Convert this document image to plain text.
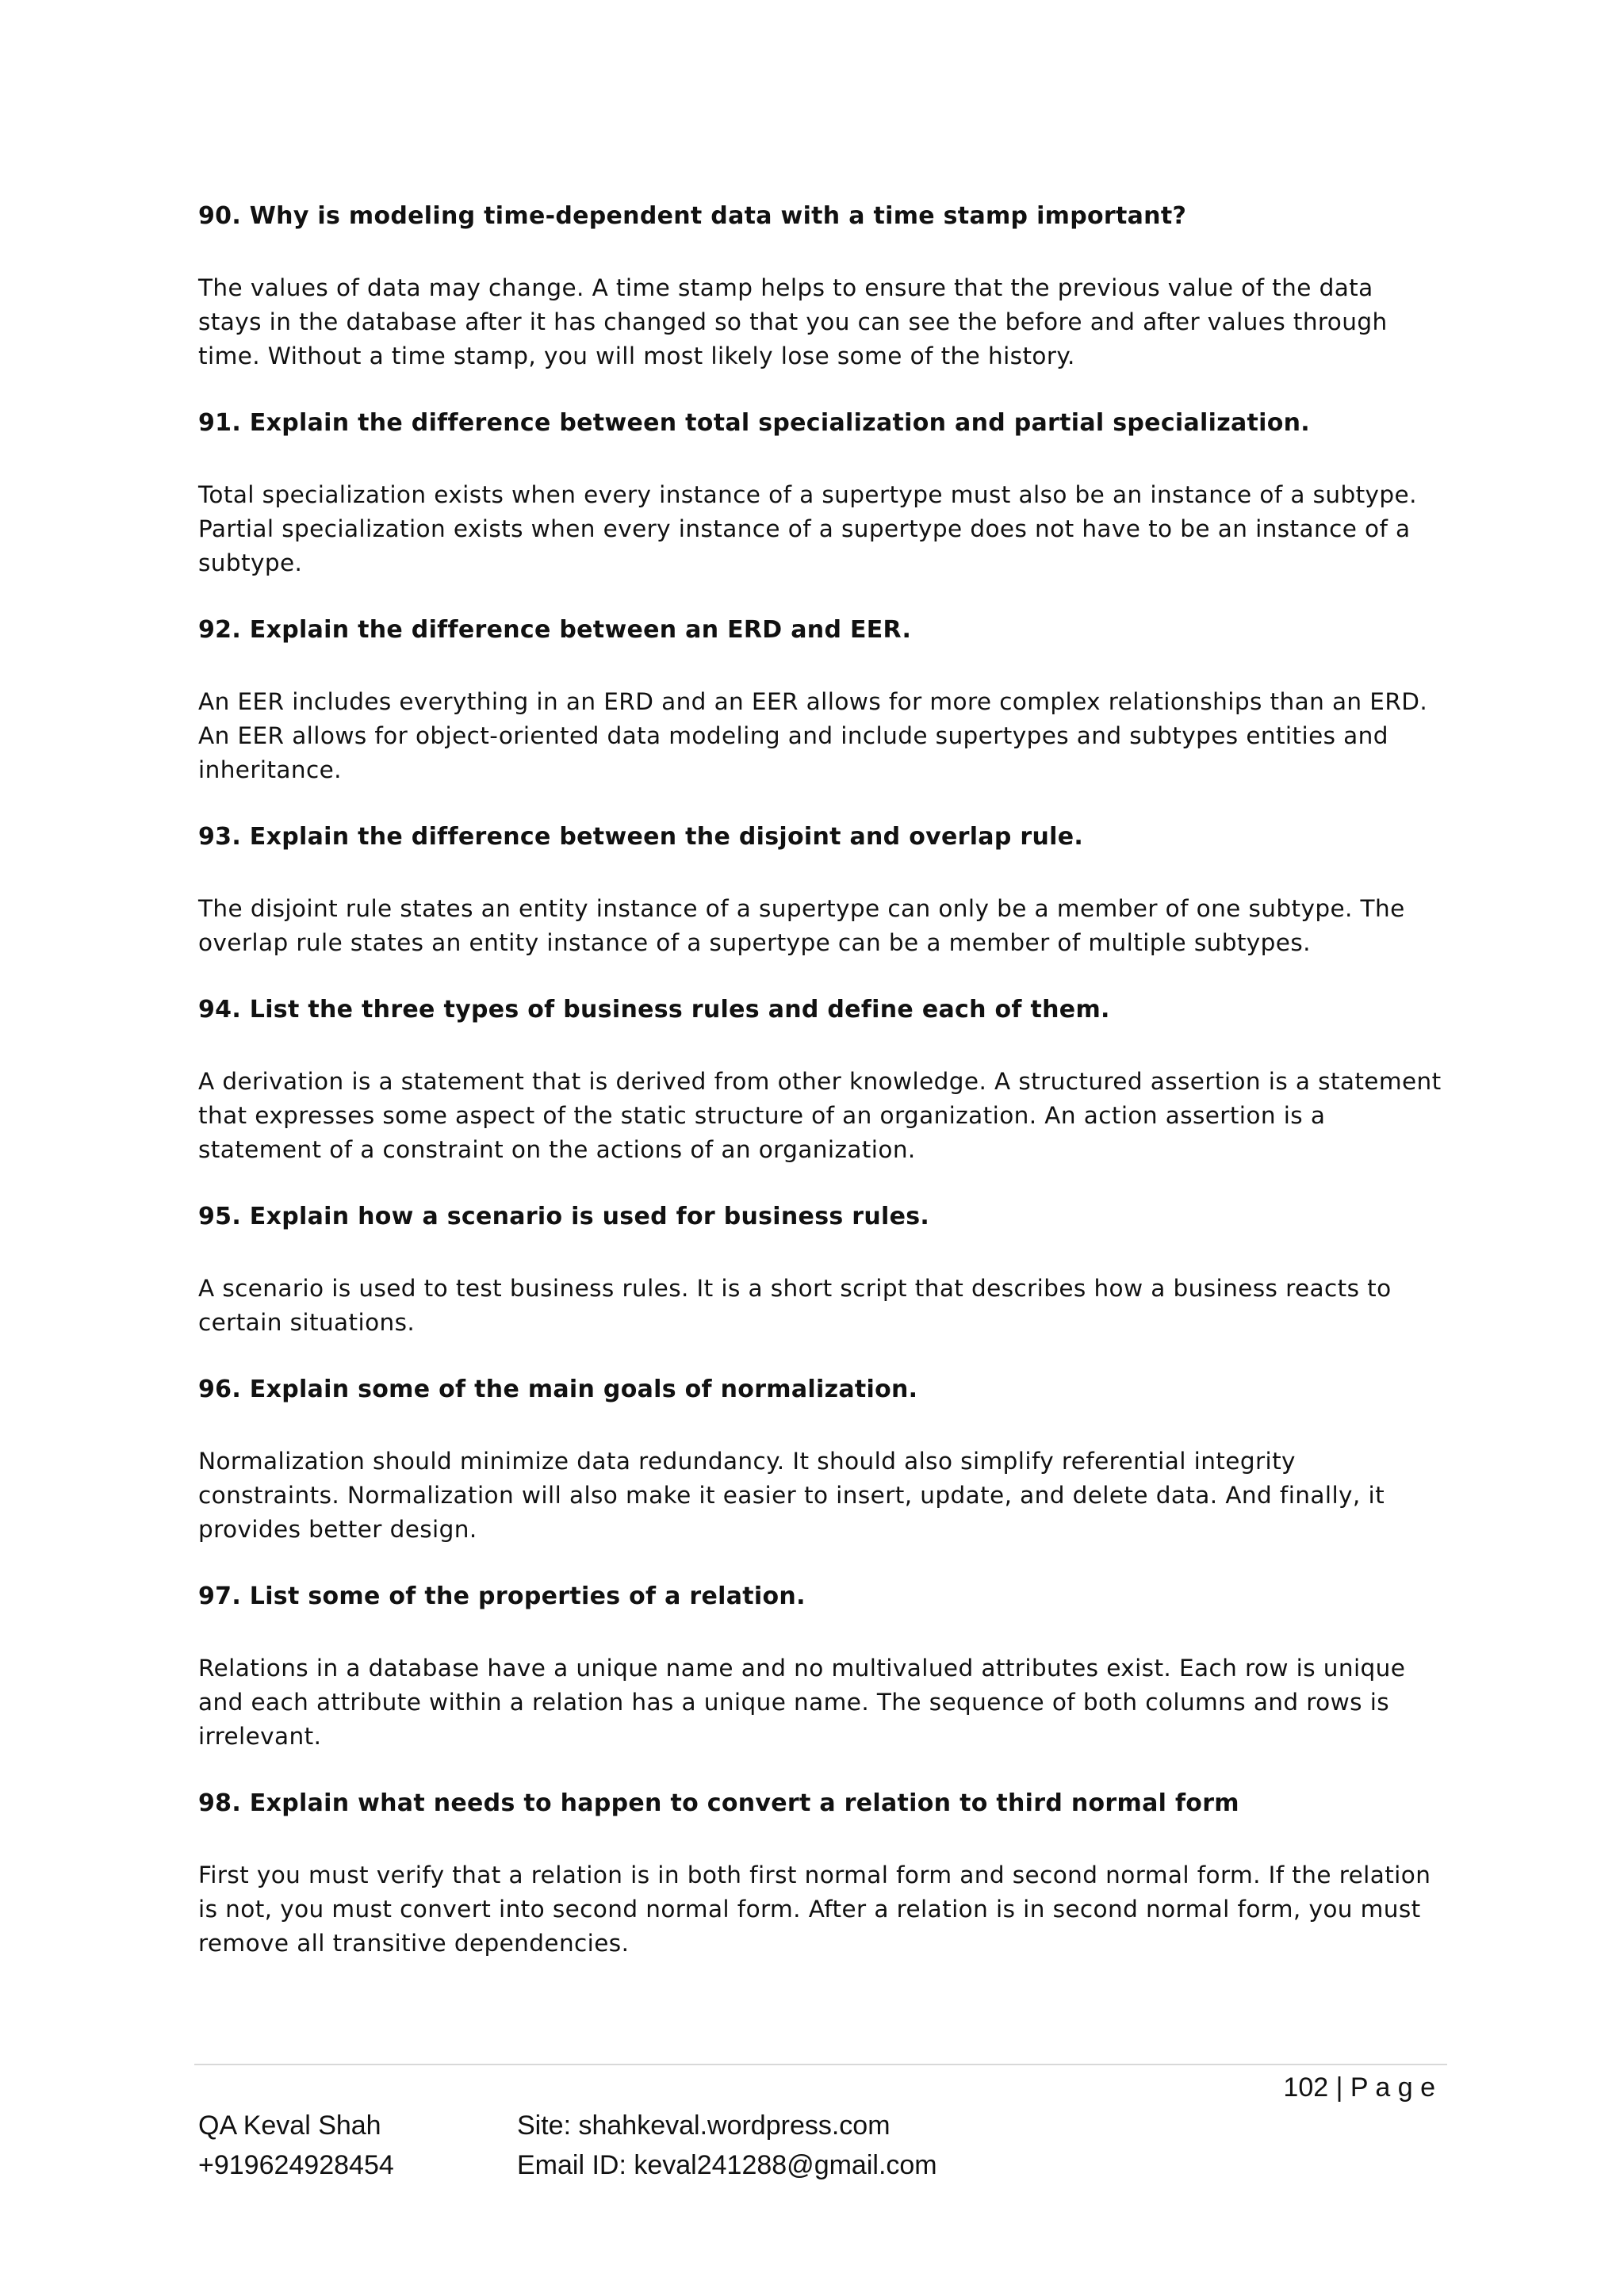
90. Why is modeling time-dependent data with a time stamp important?

The values of data may change. A time stamp helps to ensure that the previous value of the data stays in the database after it has changed so that you can see the before and after values through time. Without a time stamp, you will most likely lose some of the history.

91. Explain the difference between total specialization and partial specialization.

Total specialization exists when every instance of a supertype must also be an instance of a subtype. Partial specialization exists when every instance of a supertype does not have to be an instance of a subtype.

92. Explain the difference between an ERD and EER.

An EER includes everything in an ERD and an EER allows for more complex relationships than an ERD. An EER allows for object-oriented data modeling and include supertypes and subtypes entities and inheritance.

93. Explain the difference between the disjoint and overlap rule.

The disjoint rule states an entity instance of a supertype can only be a member of one subtype. The overlap rule states an entity instance of a supertype can be a member of multiple subtypes.

94. List the three types of business rules and define each of them.

A derivation is a statement that is derived from other knowledge. A structured assertion is a statement that expresses some aspect of the static structure of an organization. An action assertion is a statement of a constraint on the actions of an organization.

95. Explain how a scenario is used for business rules.

A scenario is used to test business rules. It is a short script that describes how a business reacts to certain situations.

96. Explain some of the main goals of normalization.

Normalization should minimize data redundancy. It should also simplify referential integrity constraints. Normalization will also make it easier to insert, update, and delete data. And finally, it provides better design.

97. List some of the properties of a relation.

Relations in a database have a unique name and no multivalued attributes exist. Each row is unique and each attribute within a relation has a unique name. The sequence of both columns and rows is irrelevant.

98. Explain what needs to happen to convert a relation to third normal form

First you must verify that a relation is in both first normal form and second normal form. If the relation is not, you must convert into second normal form. After a relation is in second normal form, you must remove all transitive dependencies.

102 | P a g e
QA Keval Shah
+919624928454
Site: shahkeval.wordpress.com
Email ID: keval241288@gmail.com
